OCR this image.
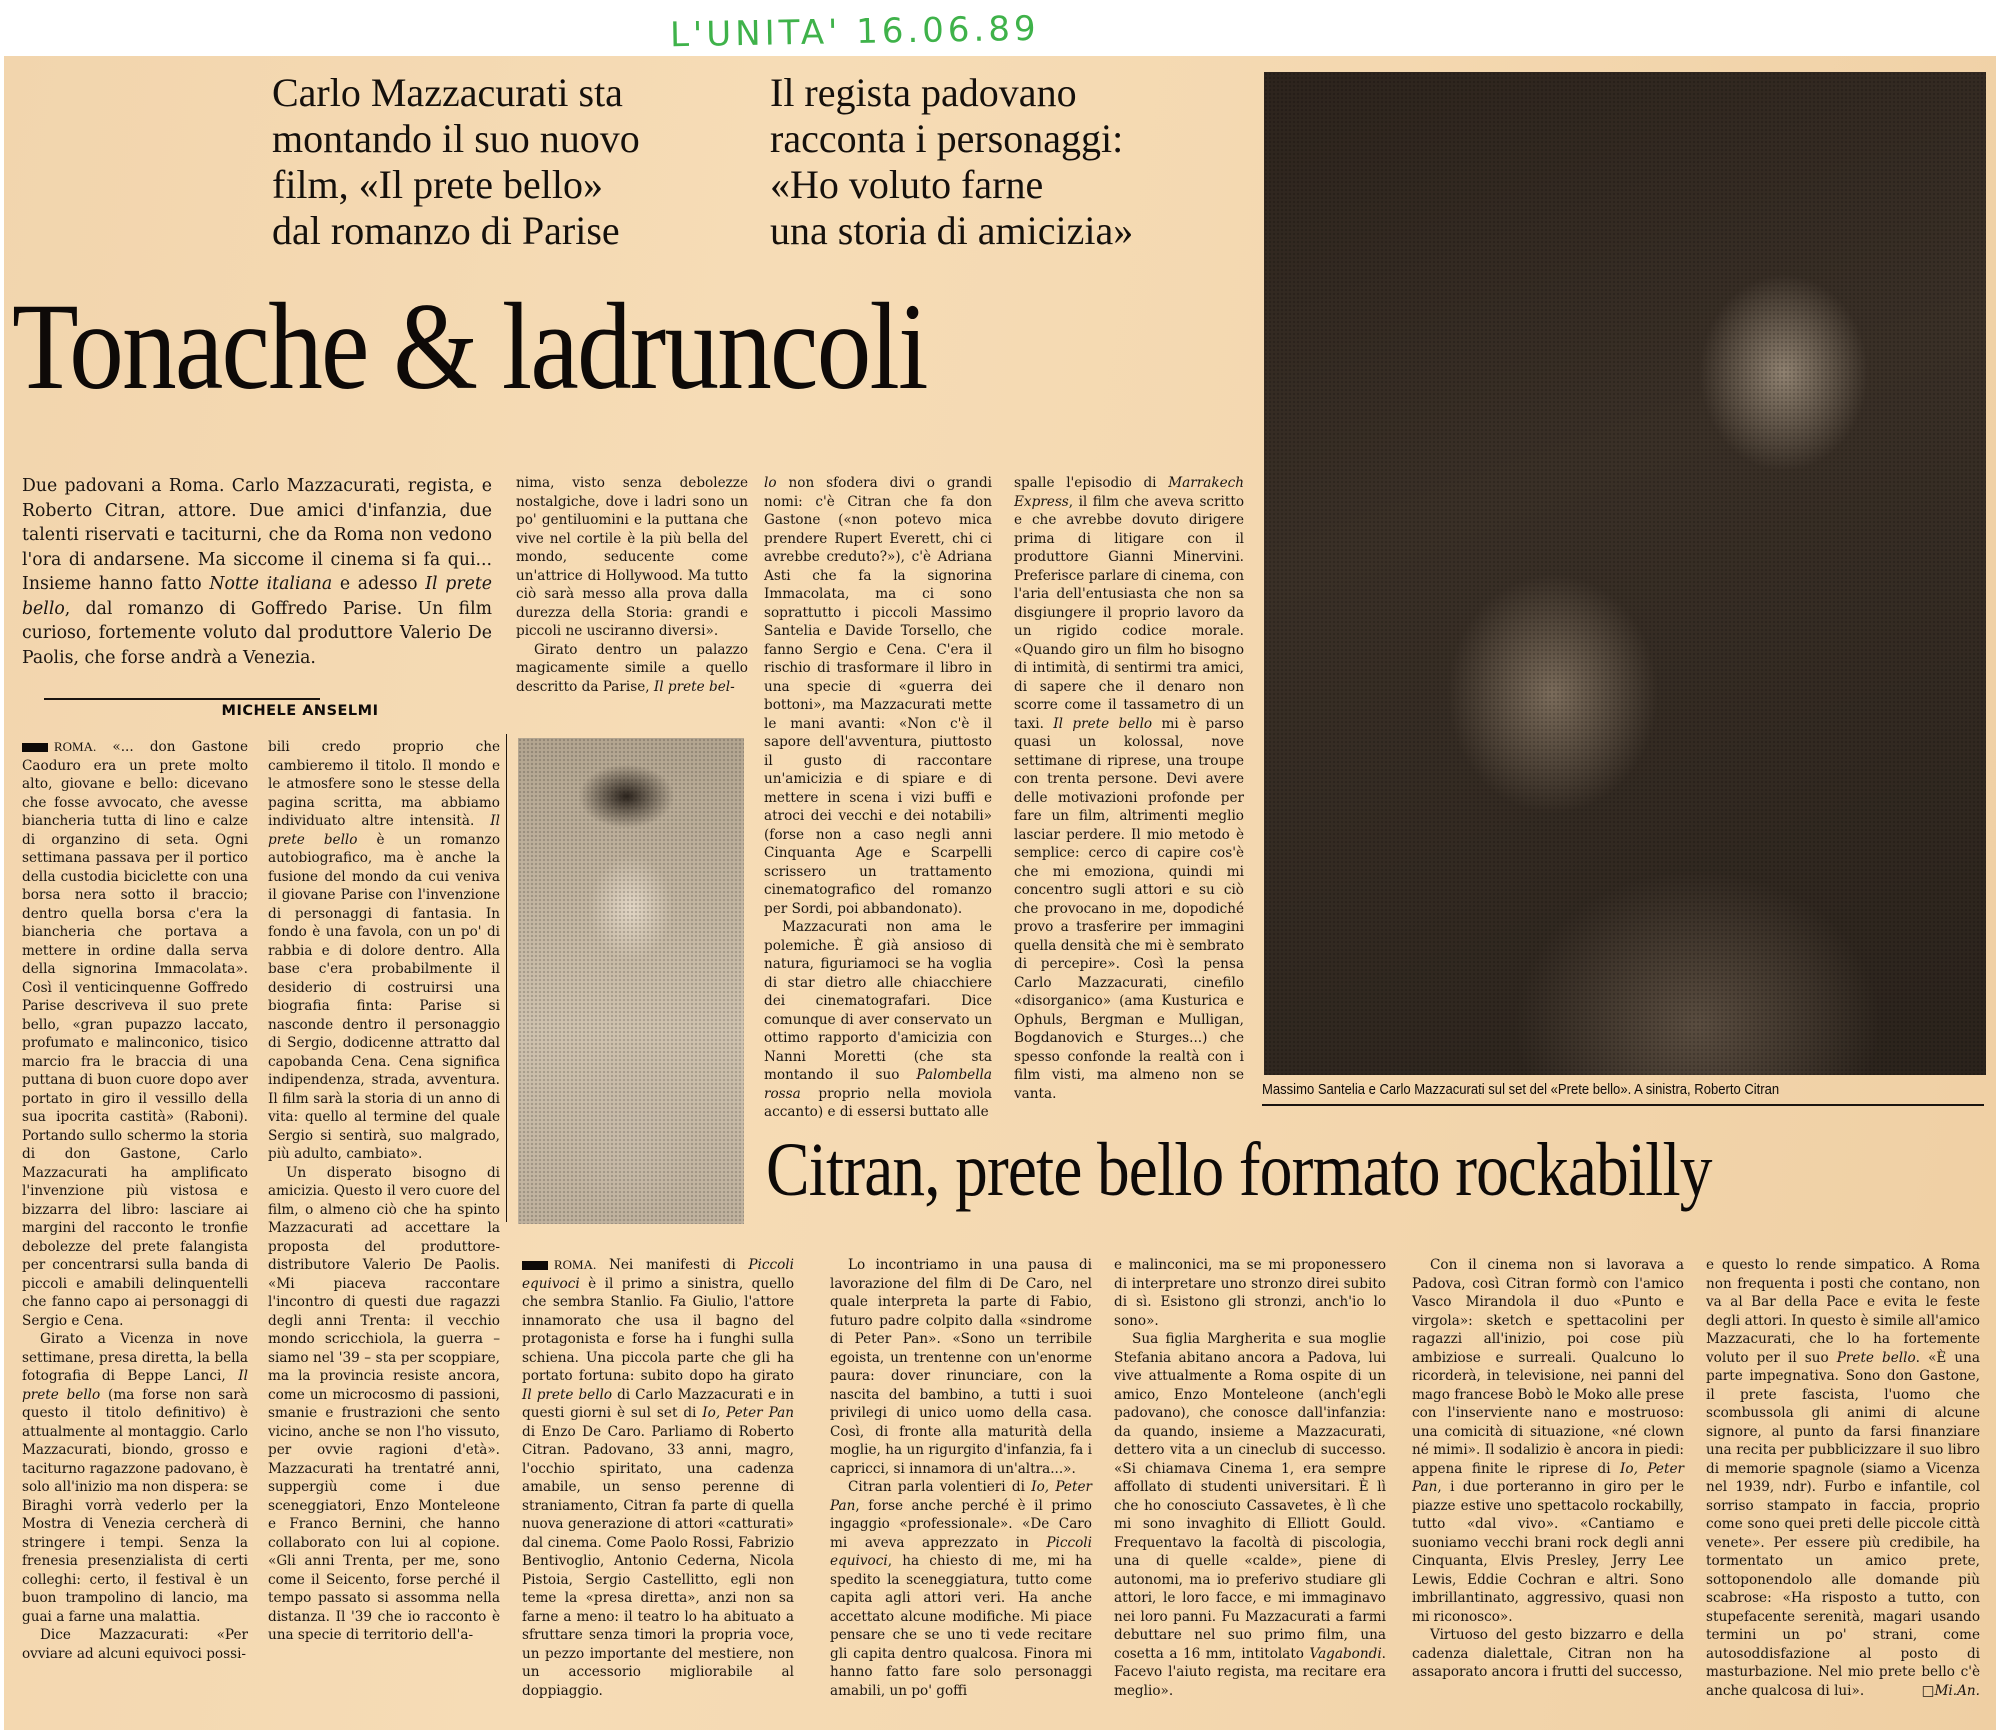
L'UNITA' 16.06.89
Carlo Mazzacurati sta
montando il suo nuovo
film, «Il prete bello»
dal romanzo di Parise
Il regista padovano
racconta i personaggi:
«Ho voluto farne
una storia di amicizia»
Tonache & ladruncoli
Massimo Santelia e Carlo Mazzacurati sul set del «Prete bello». A sinistra, Roberto Citran
Due padovani a Roma. Carlo Mazzacurati, regista, e Roberto Citran, attore. Due amici d'infanzia, due talenti riservati e taciturni, che da Roma non vedono l'ora di andarsene. Ma siccome il cinema si fa qui... Insieme hanno fatto Notte italiana e adesso Il prete bello, dal romanzo di Goffredo Parise. Un film curioso, fortemente voluto dal produttore Valerio De Paolis, che forse andrà a Venezia.
MICHELE ANSELMI

ROMA. «... don Gastone Caoduro era un prete molto alto, giovane e bello: dicevano che fosse avvocato, che avesse biancheria tutta di lino e calze di organzino di seta. Ogni settimana passava per il portico della custodia biciclette con una borsa nera sotto il braccio; dentro quella borsa c'era la biancheria che portava a mettere in ordine dalla serva della signorina Immacolata». Così il venticinquenne Goffredo Parise descriveva il suo prete bello, «gran pupazzo laccato, profumato e malinconico, tisico marcio fra le braccia di una puttana di buon cuore dopo aver portato in giro il vessillo della sua ipocrita castità» (Raboni). Portando sullo schermo la storia di don Gastone, Carlo Mazzacurati ha amplificato l'invenzione più vistosa e bizzarra del libro: lasciare ai margini del racconto le tronfie debolezze del prete falangista per concentrarsi sulla banda di piccoli e amabili delinquentelli che fanno capo ai personaggi di Sergio e Cena.

Girato a Vicenza in nove settimane, presa diretta, la bella fotografia di Beppe Lanci, Il prete bello (ma forse non sarà questo il titolo definitivo) è attualmente al montaggio. Carlo Mazzacurati, biondo, grosso e taciturno ragazzone padovano, è solo all'inizio ma non dispera: se Biraghi vorrà vederlo per la Mostra di Venezia cercherà di stringere i tempi. Senza la frenesia presenzialista di certi colleghi: certo, il festival è un buon trampolino di lancio, ma guai a farne una malattia.

Dice Mazzacurati: «Per ovviare ad alcuni equivoci possi-

bili credo proprio che cambieremo il titolo. Il mondo e le atmosfere sono le stesse della pagina scritta, ma abbiamo individuato altre intensità. Il prete bello è un romanzo autobiografico, ma è anche la fusione del mondo da cui veniva il giovane Parise con l'invenzione di personaggi di fantasia. In fondo è una favola, con un po' di rabbia e di dolore dentro. Alla base c'era probabilmente il desiderio di costruirsi una biografia finta: Parise si nasconde dentro il personaggio di Sergio, dodicenne attratto dal capobanda Cena. Cena significa indipendenza, strada, avventura. Il film sarà la storia di un anno di vita: quello al termine del quale Sergio si sentirà, suo malgrado, più adulto, cambiato».

Un disperato bisogno di amicizia. Questo il vero cuore del film, o almeno ciò che ha spinto Mazzacurati ad accettare la proposta del produttore-distributore Valerio De Paolis. «Mi piaceva raccontare l'incontro di questi due ragazzi degli anni Trenta: il vecchio mondo scricchiola, la guerra – siamo nel '39 – sta per scoppiare, ma la provincia resiste ancora, come un microcosmo di passioni, smanie e frustrazioni che sento vicino, anche se non l'ho vissuto, per ovvie ragioni d'età». Mazzacurati ha trentatré anni, suppergiù come i due sceneggiatori, Enzo Monteleone e Franco Bernini, che hanno collaborato con lui al copione. «Gli anni Trenta, per me, sono come il Seicento, forse perché il tempo passato si assomma nella distanza. Il '39 che io racconto è una specie di territorio dell'a-

nima, visto senza debolezze nostalgiche, dove i ladri sono un po' gentiluomini e la puttana che vive nel cortile è la più bella del mondo, seducente come un'attrice di Hollywood. Ma tutto ciò sarà messo alla prova dalla durezza della Storia: grandi e piccoli ne usciranno diversi».

Girato dentro un palazzo magicamente simile a quello descritto da Parise, Il prete bel-

lo non sfodera divi o grandi nomi: c'è Citran che fa don Gastone («non potevo mica prendere Rupert Everett, chi ci avrebbe creduto?»), c'è Adriana Asti che fa la signorina Immacolata, ma ci sono soprattutto i piccoli Massimo Santelia e Davide Torsello, che fanno Sergio e Cena. C'era il rischio di trasformare il libro in una specie di «guerra dei bottoni», ma Mazzacurati mette le mani avanti: «Non c'è il sapore dell'avventura, piuttosto il gusto di raccontare un'amicizia e di spiare e di mettere in scena i vizi buffi e atroci dei vecchi e dei notabili» (forse non a caso negli anni Cinquanta Age e Scarpelli scrissero un trattamento cinematografico del romanzo per Sordi, poi abbandonato).

Mazzacurati non ama le polemiche. È già ansioso di natura, figuriamoci se ha voglia di star dietro alle chiacchiere dei cinematografari. Dice comunque di aver conservato un ottimo rapporto d'amicizia con Nanni Moretti (che sta montando il suo Palombella rossa proprio nella moviola accanto) e di essersi buttato alle

spalle l'episodio di Marrakech Express, il film che aveva scritto e che avrebbe dovuto dirigere prima di litigare con il produttore Gianni Minervini. Preferisce parlare di cinema, con l'aria dell'entusiasta che non sa disgiungere il proprio lavoro da un rigido codice morale. «Quando giro un film ho bisogno di intimità, di sentirmi tra amici, di sapere che il denaro non scorre come il tassametro di un taxi. Il prete bello mi è parso quasi un kolossal, nove settimane di riprese, una troupe con trenta persone. Devi avere delle motivazioni profonde per fare un film, altrimenti meglio lasciar perdere. Il mio metodo è semplice: cerco di capire cos'è che mi emoziona, quindi mi concentro sugli attori e su ciò che provocano in me, dopodiché provo a trasferire per immagini quella densità che mi è sembrato di percepire». Così la pensa Carlo Mazzacurati, cinefilo «disorganico» (ama Kusturica e Ophuls, Bergman e Mulligan, Bogdanovich e Sturges...) che spesso confonde la realtà con i film visti, ma almeno non se vanta.

Citran, prete bello formato rockabilly

ROMA. Nei manifesti di Piccoli equivoci è il primo a sinistra, quello che sembra Stanlio. Fa Giulio, l'attore innamorato che usa il bagno del protagonista e forse ha i funghi sulla schiena. Una piccola parte che gli ha portato fortuna: subito dopo ha girato Il prete bello di Carlo Mazzacurati e in questi giorni è sul set di Io, Peter Pan di Enzo De Caro. Parliamo di Roberto Citran. Padovano, 33 anni, magro, l'occhio spiritato, una cadenza amabile, un senso perenne di straniamento, Citran fa parte di quella nuova generazione di attori «catturati» dal cinema. Come Paolo Rossi, Fabrizio Bentivoglio, Antonio Cederna, Nicola Pistoia, Sergio Castellitto, egli non teme la «presa diretta», anzi non sa farne a meno: il teatro lo ha abituato a sfruttare senza timori la propria voce, un pezzo importante del mestiere, non un accessorio migliorabile al doppiaggio.

Lo incontriamo in una pausa di lavorazione del film di De Caro, nel quale interpreta la parte di Fabio, futuro padre colpito dalla «sindrome di Peter Pan». «Sono un terribile egoista, un trentenne con un'enorme paura: dover rinunciare, con la nascita del bambino, a tutti i suoi privilegi di unico uomo della casa. Così, di fronte alla maturità della moglie, ha un rigurgito d'infanzia, fa i capricci, si innamora di un'altra...».

Citran parla volentieri di Io, Peter Pan, forse anche perché è il primo ingaggio «professionale». «De Caro mi aveva apprezzato in Piccoli equivoci, ha chiesto di me, mi ha spedito la sceneggiatura, tutto come capita agli attori veri. Ha anche accettato alcune modifiche. Mi piace pensare che se uno ti vede recitare gli capita dentro qualcosa. Finora mi hanno fatto fare solo personaggi amabili, un po' goffi

e malinconici, ma se mi proponessero di interpretare uno stronzo direi subito di sì. Esistono gli stronzi, anch'io lo sono».

Sua figlia Margherita e sua moglie Stefania abitano ancora a Padova, lui vive attualmente a Roma ospite di un amico, Enzo Monteleone (anch'egli padovano), che conosce dall'infanzia: da quando, insieme a Mazzacurati, dettero vita a un cineclub di successo. «Si chiamava Cinema 1, era sempre affollato di studenti universitari. È lì che ho conosciuto Cassavetes, è lì che mi sono invaghito di Elliott Gould. Frequentavo la facoltà di piscologia, una di quelle «calde», piene di autonomi, ma io preferivo studiare gli attori, le loro facce, e mi immaginavo nei loro panni. Fu Mazzacurati a farmi debuttare nel suo primo film, una cosetta a 16 mm, intitolato Vagabondi. Facevo l'aiuto regista, ma recitare era meglio».

Con il cinema non si lavorava a Padova, così Citran formò con l'amico Vasco Mirandola il duo «Punto e virgola»: sketch e spettacolini per ragazzi all'inizio, poi cose più ambiziose e surreali. Qualcuno lo ricorderà, in televisione, nei panni del mago francese Bobò le Moko alle prese con l'inserviente nano e mostruoso: una comicità di situazione, «né clown né mimi». Il sodalizio è ancora in piedi: appena finite le riprese di Io, Peter Pan, i due porteranno in giro per le piazze estive uno spettacolo rockabilly, tutto «dal vivo». «Cantiamo e suoniamo vecchi brani rock degli anni Cinquanta, Elvis Presley, Jerry Lee Lewis, Eddie Cochran e altri. Sono imbrillantinato, aggressivo, quasi non mi riconosco».

Virtuoso del gesto bizzarro e della cadenza dialettale, Citran non ha assaporato ancora i frutti del successo,

e questo lo rende simpatico. A Roma non frequenta i posti che contano, non va al Bar della Pace e evita le feste degli attori. In questo è simile all'amico Mazzacurati, che lo ha fortemente voluto per il suo Prete bello. «È una parte impegnativa. Sono don Gastone, il prete fascista, l'uomo che scombussola gli animi di alcune signore, al punto da farsi finanziare una recita per pubblicizzare il suo libro di memorie spagnole (siamo a Vicenza nel 1939, ndr). Furbo e infantile, col sorriso stampato in faccia, proprio come sono quei preti delle piccole città venete». Per essere più credibile, ha tormentato un amico prete, sottoponendolo alle domande più scabrose: «Ha risposto a tutto, con stupefacente serenità, magari usando termini un po' strani, come autosoddisfazione al posto di masturbazione. Nel mio prete bello c'è anche qualcosa di lui».	□Mi.An.
